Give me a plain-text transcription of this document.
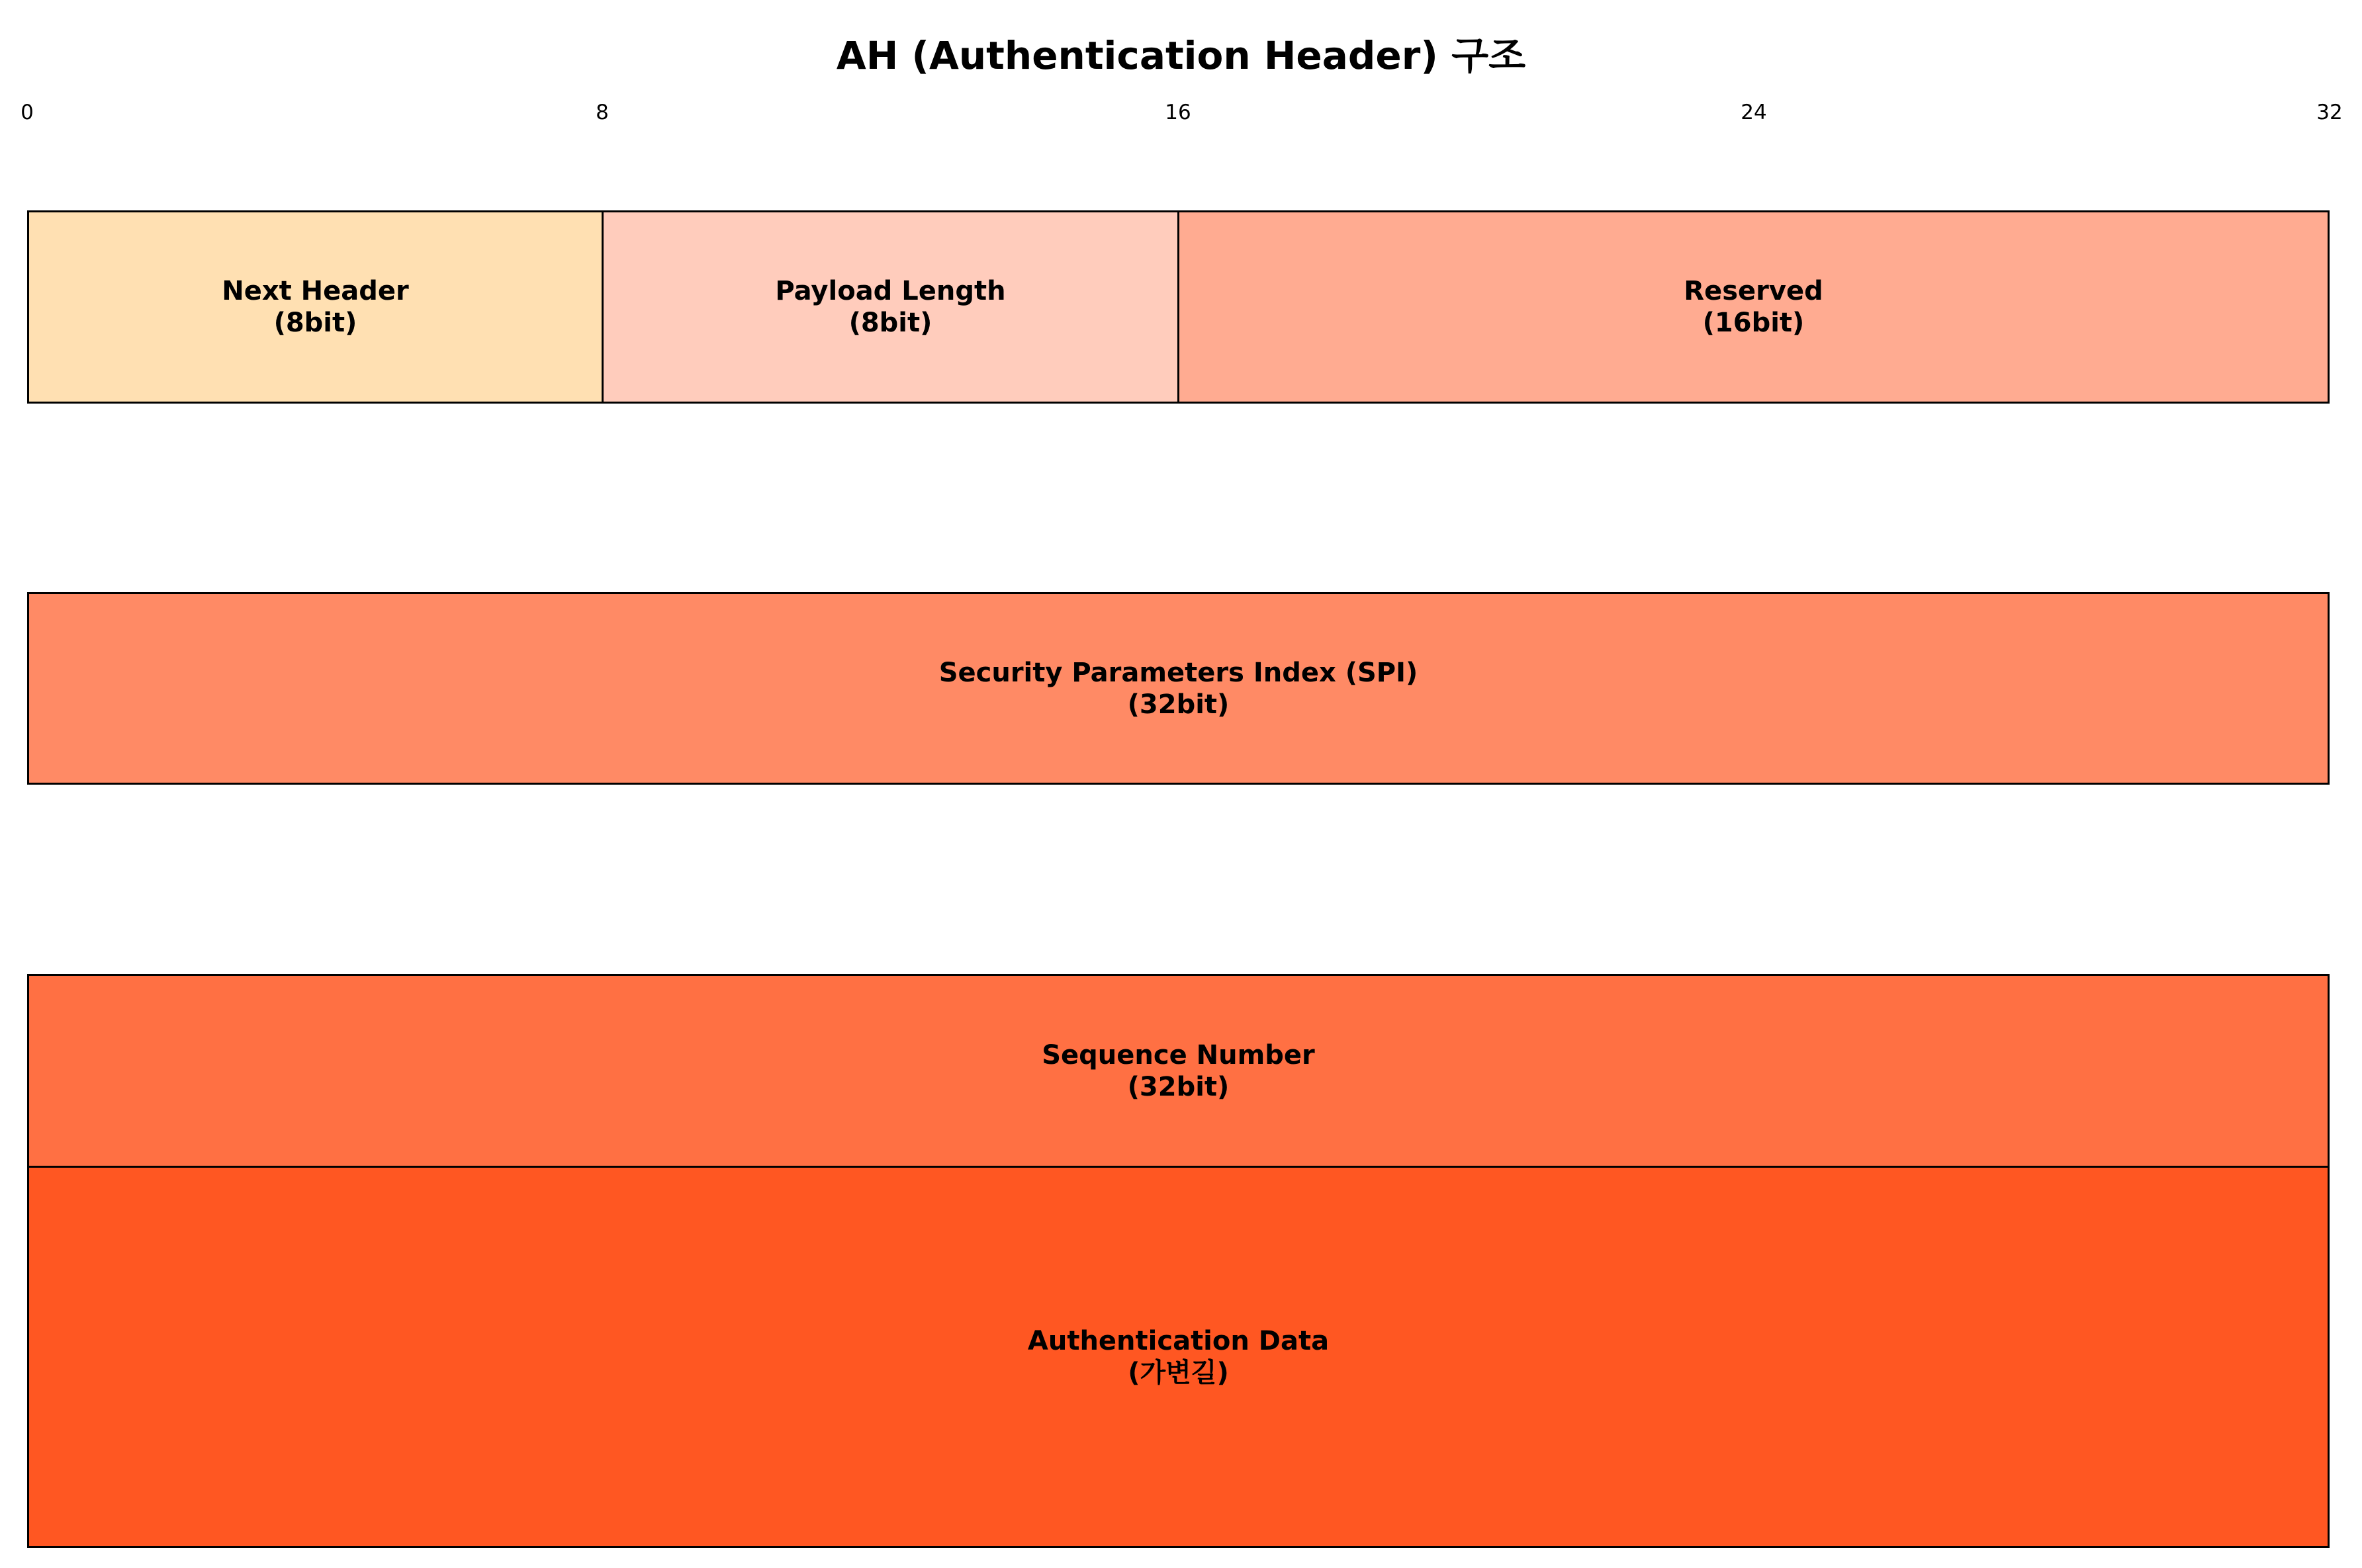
AH (Authentication Header) 구조
0	8	16	24	32
Next Header
(8bit)
Payload Length
(8bit)
Reserved
(16bit)
Security Parameters Index (SPI)
(32bit)
Sequence Number
(32bit)
Authentication Data
(가변길)
